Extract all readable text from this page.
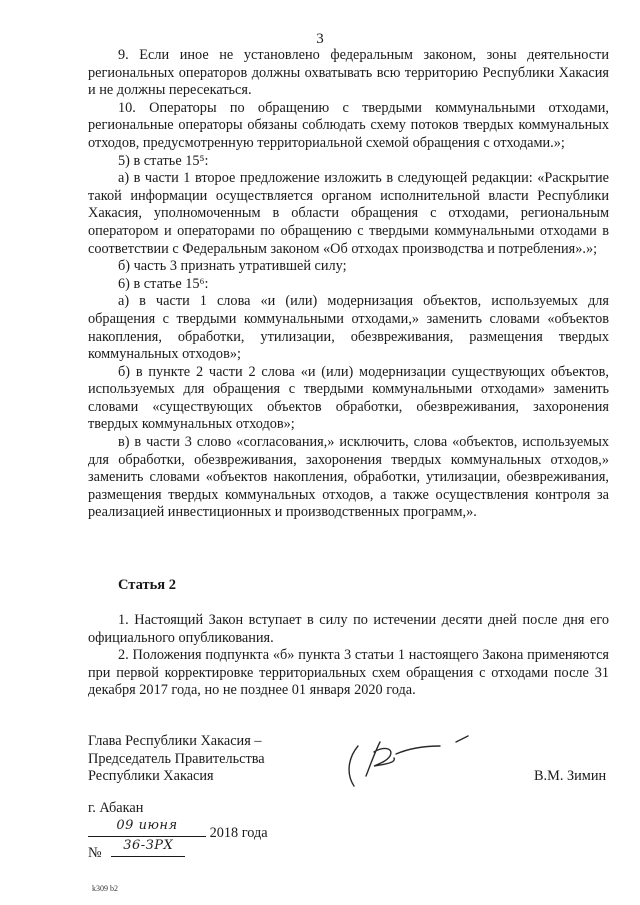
3

9. Если иное не установлено федеральным законом, зоны деятельности региональных операторов должны охватывать всю территорию Республики Хакасия и не должны пересекаться.

10. Операторы по обращению с твердыми коммунальными отходами, региональные операторы обязаны соблюдать схему потоков твердых коммунальных отходов, предусмотренную территориальной схемой обращения с отходами.»;

5) в статье 15⁵:

а) в части 1 второе предложение изложить в следующей редакции: «Раскрытие такой информации осуществляется органом исполнительной власти Республики Хакасия, уполномоченным в области обращения с отходами, региональным оператором и операторами по обращению с твердыми коммунальными отходами в соответствии с Федеральным законом «Об отходах производства и потребления».»;

б) часть 3 признать утратившей силу;

6) в статье 15⁶:

а) в части 1 слова «и (или) модернизация объектов, используемых для обращения с твердыми коммунальными отходами,» заменить словами «объектов накопления, обработки, утилизации, обезвреживания, размещения твердых коммунальных отходов»;

б) в пункте 2 части 2 слова «и (или) модернизации существующих объектов, используемых для обращения с твердыми коммунальными отходами» заменить словами «существующих объектов обработки, обезвреживания, захоронения твердых коммунальных отходов»;

в) в части 3 слово «согласования,» исключить, слова «объектов, используемых для обработки, обезвреживания, захоронения твердых коммунальных отходов,» заменить словами «объектов накопления, обработки, утилизации, обезвреживания, размещения твердых коммунальных отходов, а также осуществления контроля за реализацией инвестиционных и производственных программ,».

Статья 2

1. Настоящий Закон вступает в силу по истечении десяти дней после дня его официального опубликования.

2. Положения подпункта «б» пункта 3 статьи 1 настоящего Закона применяются при первой корректировке территориальных схем обращения с отходами после 31 декабря 2017 года, но не позднее 01 января 2020 года.

Глава Республики Хакасия –
Председатель Правительства
Республики Хакасия	В.М. Зимин
г. Абакан
09 июня	2018 года
№	36-ЗРХ
k309 b2
